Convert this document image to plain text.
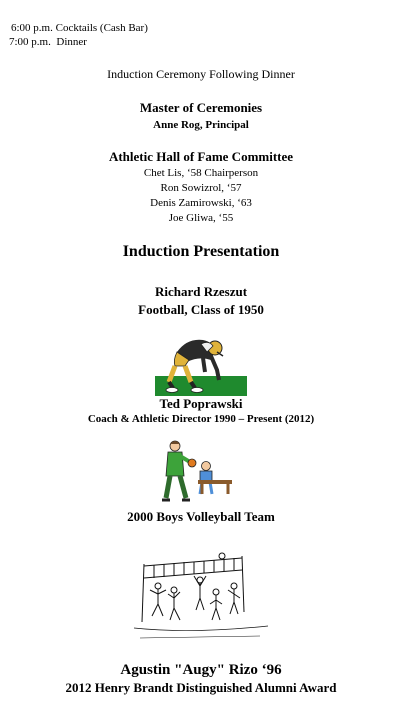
6:00 p.m. Cocktails (Cash Bar)
7:00 p.m. Dinner
Induction Ceremony Following Dinner
Master of Ceremonies
Anne Rog, Principal
Athletic Hall of Fame Committee
Chet Lis, ‘58 Chairperson
Ron Sowizrol, ‘57
Denis Zamirowski, ‘63
Joe Gliwa, ‘55
Induction Presentation
Richard Rzeszut
Football, Class of 1950
Ted Poprawski
Coach & Athletic Director 1990 – Present (2012)
2000 Boys Volleyball Team
Agustin "Augy" Rizo ‘96
2012 Henry Brandt Distinguished Alumni Award
